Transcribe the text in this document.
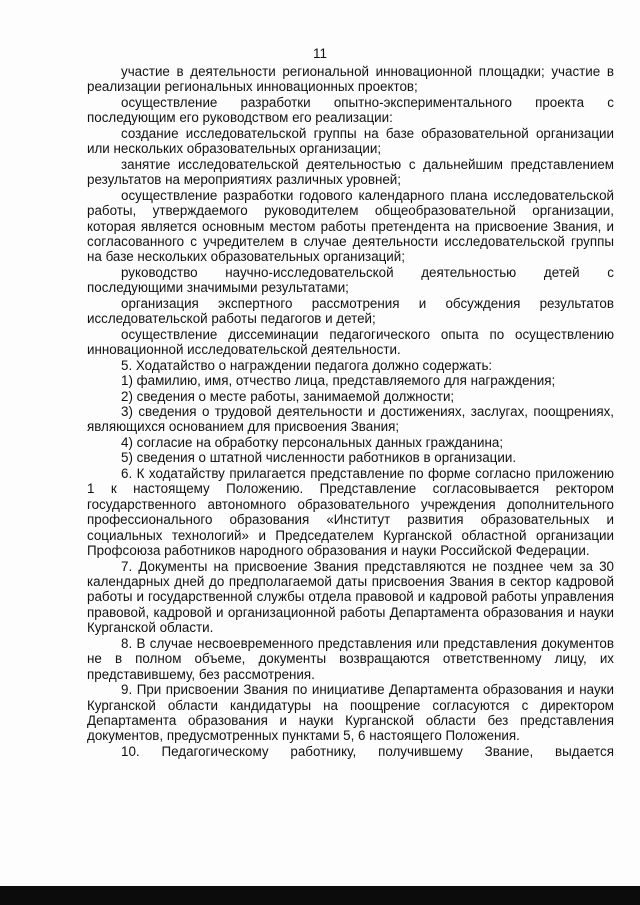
11

участие в деятельности региональной инновационной площадки; участие в реализации региональных инновационных проектов;

осуществление разработки опытно-экспериментального проекта с последующим его руководством его реализации:

создание исследовательской группы на базе образовательной организации или нескольких образовательных организации;

занятие исследовательской деятельностью с дальнейшим представлением результатов на мероприятиях различных уровней;

осуществление разработки годового календарного плана исследовательской работы, утверждаемого руководителем общеобразовательной организации, которая является основным местом работы претендента на присвоение Звания, и согласованного с учредителем в случае деятельности исследовательской группы на базе нескольких образовательных организаций;

руководство научно-исследовательской деятельностью детей с последующими значимыми результатами;

организация экспертного рассмотрения и обсуждения результатов исследовательской работы педагогов и детей;

осуществление диссеминации педагогического опыта по осуществлению инновационной исследовательской деятельности.

5. Ходатайство о награждении педагога должно содержать:

1) фамилию, имя, отчество лица, представляемого для награждения;

2) сведения о месте работы, занимаемой должности;

3) сведения о трудовой деятельности и достижениях, заслугах, поощрениях, являющихся основанием для присвоения Звания;

4) согласие на обработку персональных данных гражданина;

5) сведения о штатной численности работников в организации.

6. К ходатайству прилагается представление по форме согласно приложению 1 к настоящему Положению. Представление согласовывается ректором государственного автономного образовательного учреждения дополнительного профессионального образования «Институт развития образовательных и социальных технологий» и Председателем Курганской областной организации Профсоюза работников народного образования и науки Российской Федерации.

7. Документы на присвоение Звания представляются не позднее чем за 30 календарных дней до предполагаемой даты присвоения Звания в сектор кадровой работы и государственной службы отдела правовой и кадровой работы управления правовой, кадровой и организационной работы Департамента образования и науки Курганской области.

8. В случае несвоевременного представления или представления документов не в полном объеме, документы возвращаются ответственному лицу, их представившему, без рассмотрения.

9. При присвоении Звания по инициативе Департамента образования и науки Курганской области кандидатуры на поощрение согласуются с директором Департамента образования и науки Курганской области без представления документов, предусмотренных пунктами 5, 6 настоящего Положения.

10. Педагогическому работнику, получившему Звание, выдается
